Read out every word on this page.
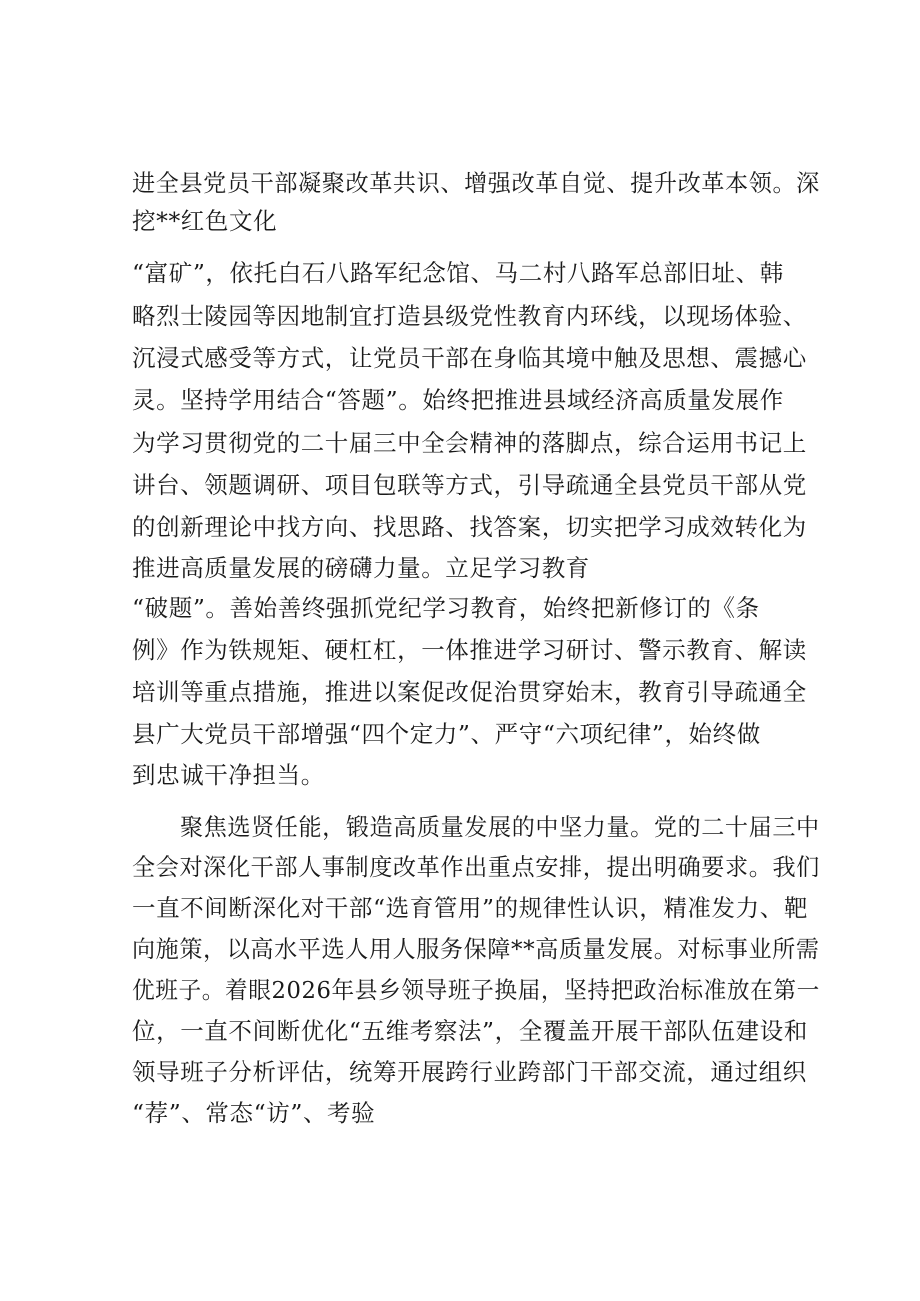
进全县党员干部凝聚改革共识、增强改革自觉、提升改革本领。深
挖**红色文化
“富矿”，依托白石八路军纪念馆、马二村八路军总部旧址、韩
略烈士陵园等因地制宜打造县级党性教育内环线，以现场体验、
沉浸式感受等方式，让党员干部在身临其境中触及思想、震撼心
灵。坚持学用结合“答题”。始终把推进县域经济高质量发展作
为学习贯彻党的二十届三中全会精神的落脚点，综合运用书记上
讲台、领题调研、项目包联等方式，引导疏通全县党员干部从党
的创新理论中找方向、找思路、找答案，切实把学习成效转化为
推进高质量发展的磅礴力量。立足学习教育
“破题”。善始善终强抓党纪学习教育，始终把新修订的《条
例》作为铁规矩、硬杠杠，一体推进学习研讨、警示教育、解读
培训等重点措施，推进以案促改促治贯穿始末，教育引导疏通全
县广大党员干部增强“四个定力”、严守“六项纪律”，始终做
到忠诚干净担当。
聚焦选贤任能，锻造高质量发展的中坚力量。党的二十届三中
全会对深化干部人事制度改革作出重点安排，提出明确要求。我们
一直不间断深化对干部“选育管用”的规律性认识，精准发力、靶
向施策，以高水平选人用人服务保障**高质量发展。对标事业所需
优班子。着眼2026年县乡领导班子换届，坚持把政治标准放在第一
位，一直不间断优化“五维考察法”，全覆盖开展干部队伍建设和
领导班子分析评估，统筹开展跨行业跨部门干部交流，通过组织
“荐”、常态“访”、考验
